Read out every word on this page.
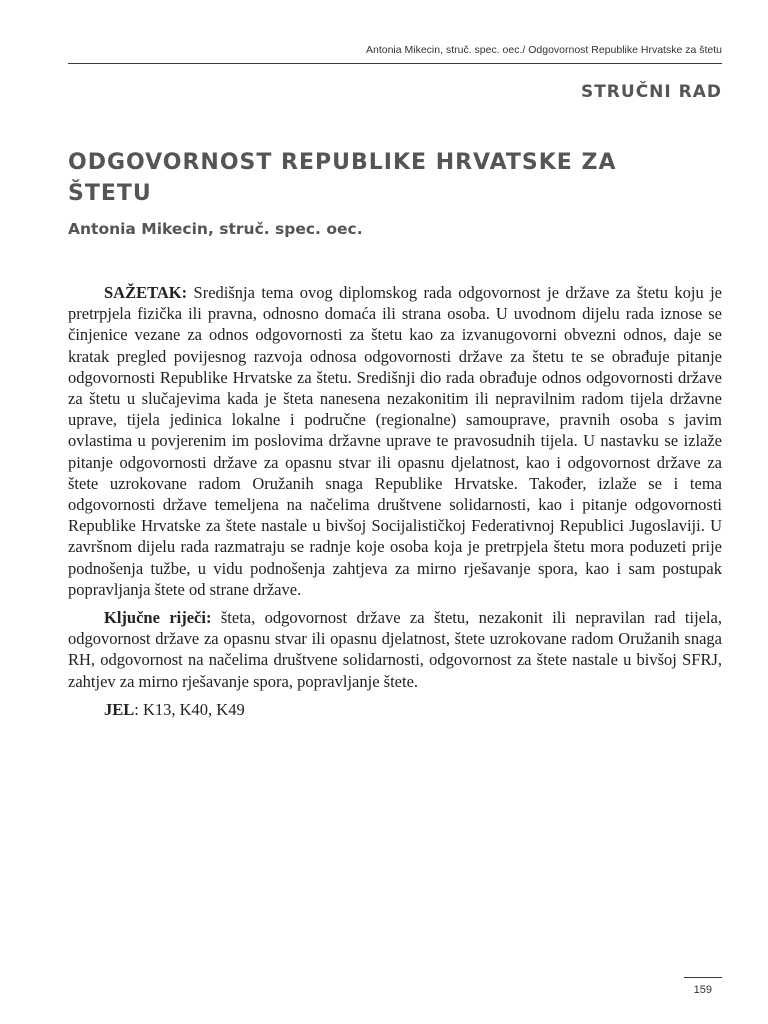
Antonia Mikecin, struč. spec. oec./ Odgovornost Republike Hrvatske za štetu
STRUČNI RAD
ODGOVORNOST REPUBLIKE HRVATSKE ZA ŠTETU
Antonia Mikecin, struč. spec. oec.

SAŽETAK: Središnja tema ovog diplomskog rada odgovornost je države za štetu koju je pretrpjela fizička ili pravna, odnosno domaća ili strana osoba. U uvodnom dijelu rada iznose se činjenice vezane za odnos odgovornosti za štetu kao za izvanugovorni obvezni odnos, daje se kratak pregled povijesnog razvoja odnosa odgovornosti države za štetu te se obrađuje pitanje odgovornosti Republike Hrvatske za štetu. Središnji dio rada obrađuje odnos odgovornosti države za štetu u slučajevima kada je šteta nanesena nezakonitim ili nepravilnim radom tijela državne uprave, tijela jedinica lokalne i područne (regionalne) samouprave, pravnih osoba s javim ovlastima u povjerenim im poslovima državne uprave te pravosudnih tijela. U nastavku se izlaže pitanje odgovornosti države za opasnu stvar ili opasnu djelatnost, kao i odgovornost države za štete uzrokovane radom Oružanih snaga Republike Hrvatske. Također, izlaže se i tema odgovornosti države temeljena na načelima društvene solidarnosti, kao i pitanje odgovornosti Republike Hrvatske za štete nastale u bivšoj Socijalističkoj Federativnoj Republici Jugoslaviji. U završnom dijelu rada razmatraju se radnje koje osoba koja je pretrpjela štetu mora poduzeti prije podnošenja tužbe, u vidu podnošenja zahtjeva za mirno rješavanje spora, kao i sam postupak popravljanja štete od strane države.

Ključne riječi: šteta, odgovornost države za štetu, nezakonit ili nepravilan rad tijela, odgovornost države za opasnu stvar ili opasnu djelatnost, štete uzrokovane radom Oružanih snaga RH, odgovornost na načelima društvene solidarnosti, odgovornost za štete nastale u bivšoj SFRJ, zahtjev za mirno rješavanje spora, popravljanje štete.

JEL: K13, K40, K49

159
